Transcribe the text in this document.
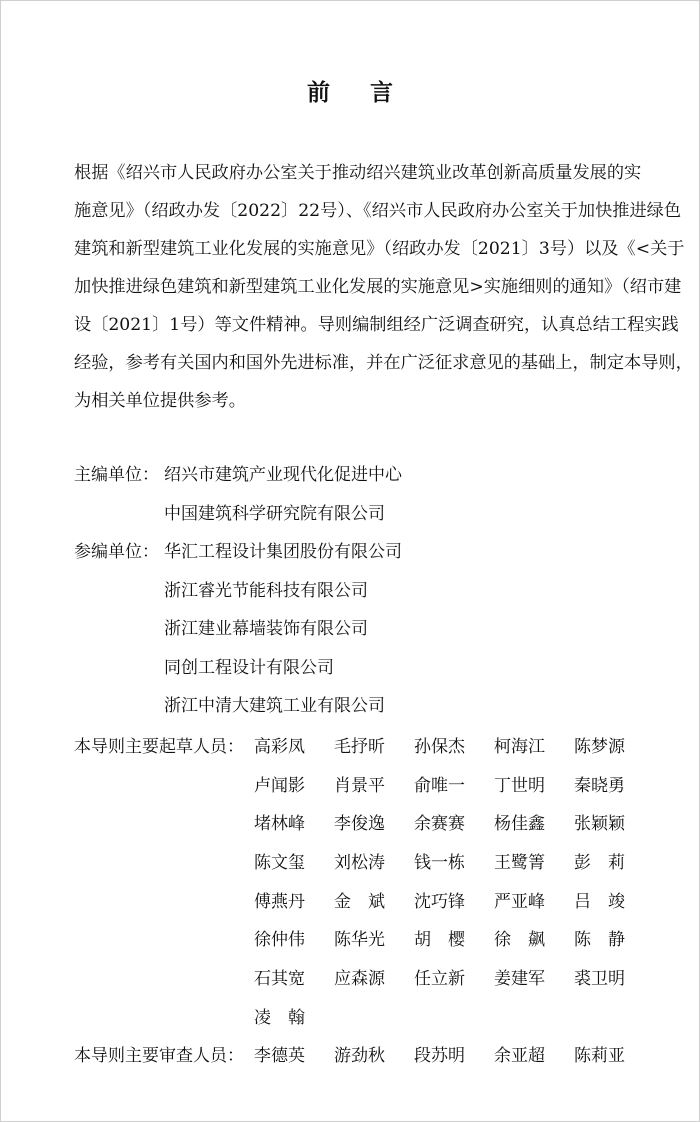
前 言

根据《绍兴市人民政府办公室关于推动绍兴建筑业改革创新高质量发展的实
施意见》（绍政办发〔2022〕22号）、《绍兴市人民政府办公室关于加快推进绿色
建筑和新型建筑工业化发展的实施意见》（绍政办发〔2021〕3号）以及《<关于
加快推进绿色建筑和新型建筑工业化发展的实施意见>实施细则的通知》（绍市建
设〔2021〕1号）等文件精神。导则编制组经广泛调查研究，认真总结工程实践
经验，参考有关国内和国外先进标准，并在广泛征求意见的基础上，制定本导则，
为相关单位提供参考。

主编单位： 绍兴市建筑产业现代化促进中心
中国建筑科学研究院有限公司
参编单位： 华汇工程设计集团股份有限公司
浙江睿光节能科技有限公司
浙江建业幕墙装饰有限公司
同创工程设计有限公司
浙江中清大建筑工业有限公司
本导则主要起草人员： 高彩凤 毛抒昕 孙保杰 柯海江 陈梦源
卢闻影 肖景平 俞唯一 丁世明 秦晓勇
堵林峰 李俊逸 余赛赛 杨佳鑫 张颖颖
陈文玺 刘松涛 钱一栋 王鹭箐 彭　莉
傅燕丹 金　斌 沈巧锋 严亚峰 吕　竣
徐仲伟 陈华光 胡　樱 徐　飙 陈　静
石其宽 应森源 任立新 姜建军 裘卫明
凌　翰
本导则主要审查人员： 李德英 游劲秋 段苏明 余亚超 陈莉亚
